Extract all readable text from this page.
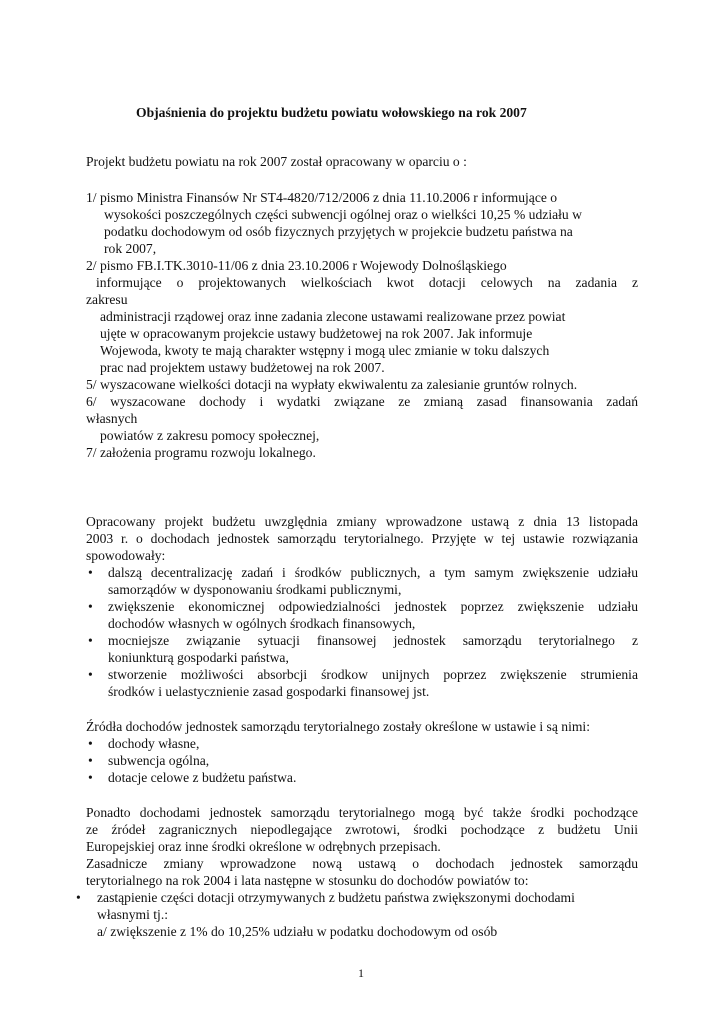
Objaśnienia do projektu budżetu powiatu wołowskiego na rok 2007
Projekt budżetu powiatu na rok 2007 został opracowany w oparciu o :
1/ pismo Ministra Finansów Nr ST4-4820/712/2006 z dnia 11.10.2006 r informujące o
wysokości poszczególnych części subwencji ogólnej oraz o wielkści 10,25 % udziału w
podatku dochodowym od osób fizycznych przyjętych w projekcie budzetu państwa na
rok 2007,
2/ pismo FB.I.TK.3010-11/06 z dnia 23.10.2006 r Wojewody Dolnośląskiego
informujące o projektowanych wielkościach kwot dotacji celowych na zadania z
zakresu
administracji rządowej oraz inne zadania zlecone ustawami realizowane przez powiat
ujęte w opracowanym projekcie ustawy budżetowej na rok 2007. Jak informuje
Wojewoda, kwoty te mają charakter wstępny i mogą ulec zmianie w toku dalszych
prac nad projektem ustawy budżetowej na rok 2007.
5/ wyszacowane wielkości dotacji na wypłaty ekwiwalentu za zalesianie gruntów rolnych.
6/ wyszacowane dochody i wydatki związane ze zmianą zasad finansowania zadań
własnych
powiatów z zakresu pomocy społecznej,
7/ założenia programu rozwoju lokalnego.
Opracowany projekt budżetu uwzględnia zmiany wprowadzone ustawą z dnia 13 listopada
2003 r. o dochodach jednostek samorządu terytorialnego. Przyjęte w tej ustawie rozwiązania
spowodowały:
• dalszą decentralizację zadań i środków publicznych, a tym samym zwiększenie udziału
samorządów w dysponowaniu środkami publicznymi,
• zwiększenie ekonomicznej odpowiedzialności jednostek poprzez zwiększenie udziału
dochodów własnych w ogólnych środkach finansowych,
• mocniejsze związanie sytuacji finansowej jednostek samorządu terytorialnego z
koniunkturą gospodarki państwa,
• stworzenie możliwości absorbcji środkow unijnych poprzez zwiększenie strumienia
środków i uelastycznienie zasad gospodarki finansowej jst.
Źródła dochodów jednostek samorządu terytorialnego zostały określone w ustawie i są nimi:
• dochody własne,
• subwencja ogólna,
• dotacje celowe z budżetu państwa.
Ponadto dochodami jednostek samorządu terytorialnego mogą być także środki pochodzące
ze źródeł zagranicznych niepodlegające zwrotowi, środki pochodzące z budżetu Unii
Europejskiej oraz inne środki określone w odrębnych przepisach.
Zasadnicze zmiany wprowadzone nową ustawą o dochodach jednostek samorządu
terytorialnego na rok 2004 i lata następne w stosunku do dochodów powiatów to:
• zastąpienie części dotacji otrzymywanych z budżetu państwa zwiększonymi dochodami
własnymi tj.:
a/ zwiększenie z 1% do 10,25% udziału w podatku dochodowym od osób
1
